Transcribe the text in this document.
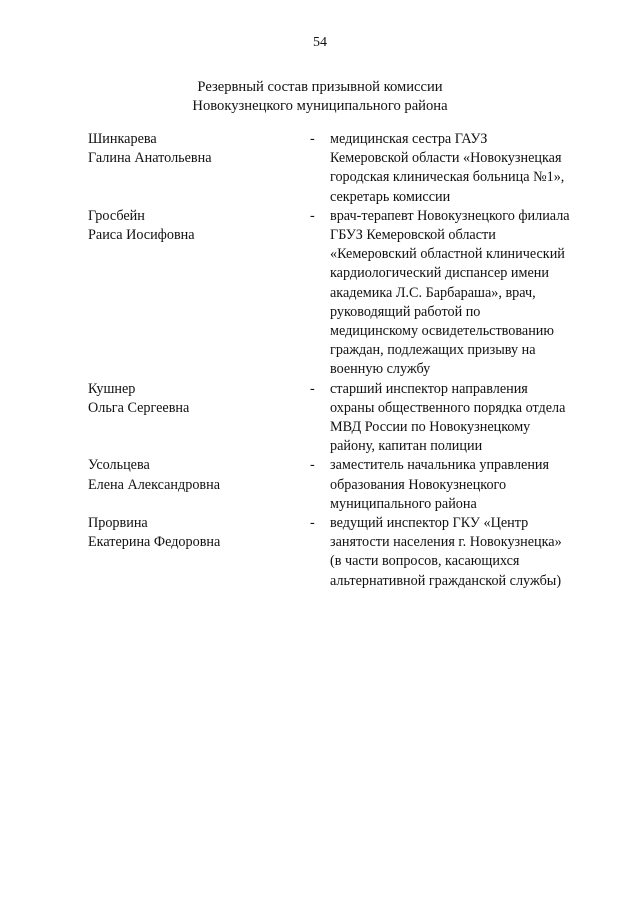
54
Резервный состав призывной комиссии
Новокузнецкого муниципального района
Шинкарева
Галина Анатольевна
-	медицинская сестра ГАУЗ
Кемеровской области «Новокузнецкая
городская клиническая больница №1»,
секретарь комиссии
Гросбейн
Раиса Иосифовна
-	врач-терапевт Новокузнецкого филиала
ГБУЗ Кемеровской области
«Кемеровский областной клинический
кардиологический диспансер имени
академика Л.С. Барбараша», врач,
руководящий работой по
медицинскому освидетельствованию
граждан, подлежащих призыву на
военную службу
Кушнер
Ольга Сергеевна
-	старший инспектор направления
охраны общественного порядка отдела
МВД России по Новокузнецкому
району, капитан полиции
Усольцева
Елена Александровна
-	заместитель начальника управления
образования Новокузнецкого
муниципального района
Прорвина
Екатерина Федоровна
-	ведущий инспектор ГКУ «Центр
занятости населения г. Новокузнецка»
(в части вопросов, касающихся
альтернативной гражданской службы)
